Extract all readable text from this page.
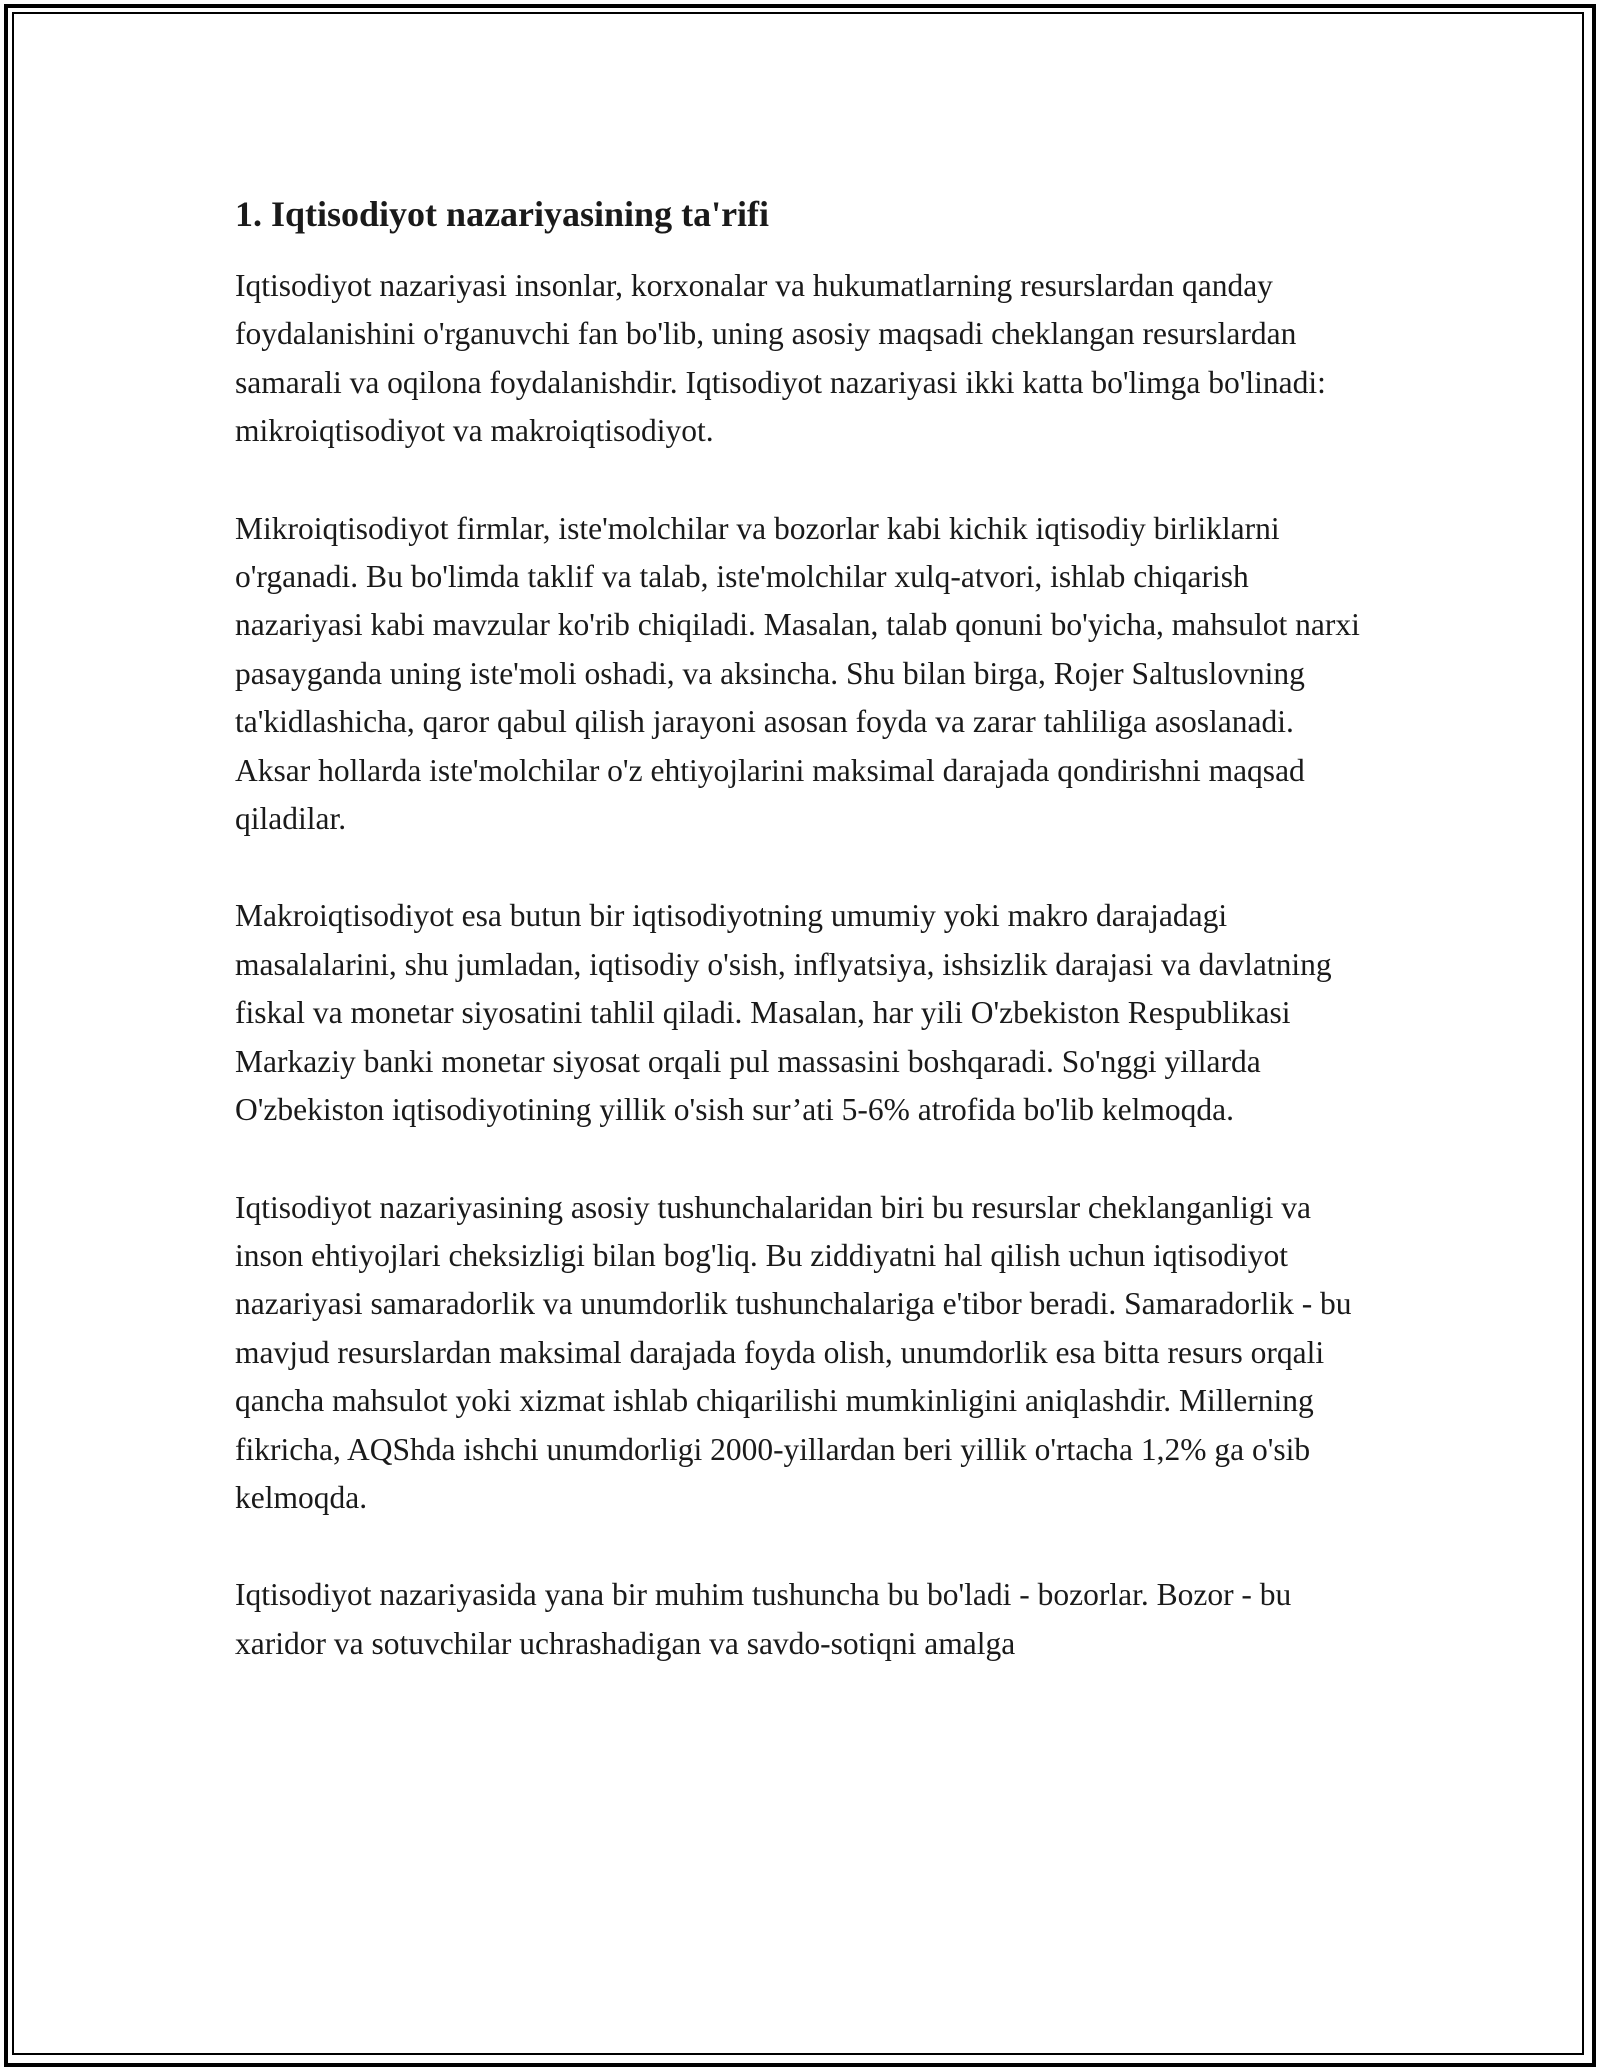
1. Iqtisodiyot nazariyasining ta'rifi

Iqtisodiyot nazariyasi insonlar, korxonalar va hukumatlarning resurslardan qanday foydalanishini o'rganuvchi fan bo'lib, uning asosiy maqsadi cheklangan resurslardan samarali va oqilona foydalanishdir. Iqtisodiyot nazariyasi ikki katta bo'limga bo'linadi: mikroiqtisodiyot va makroiqtisodiyot.

Mikroiqtisodiyot firmlar, iste'molchilar va bozorlar kabi kichik iqtisodiy birliklarni o'rganadi. Bu bo'limda taklif va talab, iste'molchilar xulq-atvori, ishlab chiqarish nazariyasi kabi mavzular ko'rib chiqiladi. Masalan, talab qonuni bo'yicha, mahsulot narxi pasayganda uning iste'moli oshadi, va aksincha. Shu bilan birga, Rojer Saltuslovning ta'kidlashicha, qaror qabul qilish jarayoni asosan foyda va zarar tahliliga asoslanadi. Aksar hollarda iste'molchilar o'z ehtiyojlarini maksimal darajada qondirishni maqsad qiladilar.

Makroiqtisodiyot esa butun bir iqtisodiyotning umumiy yoki makro darajadagi masalalarini, shu jumladan, iqtisodiy o'sish, inflyatsiya, ishsizlik darajasi va davlatning fiskal va monetar siyosatini tahlil qiladi. Masalan, har yili O'zbekiston Respublikasi Markaziy banki monetar siyosat orqali pul massasini boshqaradi. So'nggi yillarda O'zbekiston iqtisodiyotining yillik o'sish sur’ati 5-6% atrofida bo'lib kelmoqda.

Iqtisodiyot nazariyasining asosiy tushunchalaridan biri bu resurslar cheklanganligi va inson ehtiyojlari cheksizligi bilan bog'liq. Bu ziddiyatni hal qilish uchun iqtisodiyot nazariyasi samaradorlik va unumdorlik tushunchalariga e'tibor beradi. Samaradorlik - bu mavjud resurslardan maksimal darajada foyda olish, unumdorlik esa bitta resurs orqali qancha mahsulot yoki xizmat ishlab chiqarilishi mumkinligini aniqlashdir. Millerning fikricha, AQShda ishchi unumdorligi 2000-yillardan beri yillik o'rtacha 1,2% ga o'sib kelmoqda.

Iqtisodiyot nazariyasida yana bir muhim tushuncha bu bo'ladi - bozorlar. Bozor - bu xaridor va sotuvchilar uchrashadigan va savdo-sotiqni amalga
